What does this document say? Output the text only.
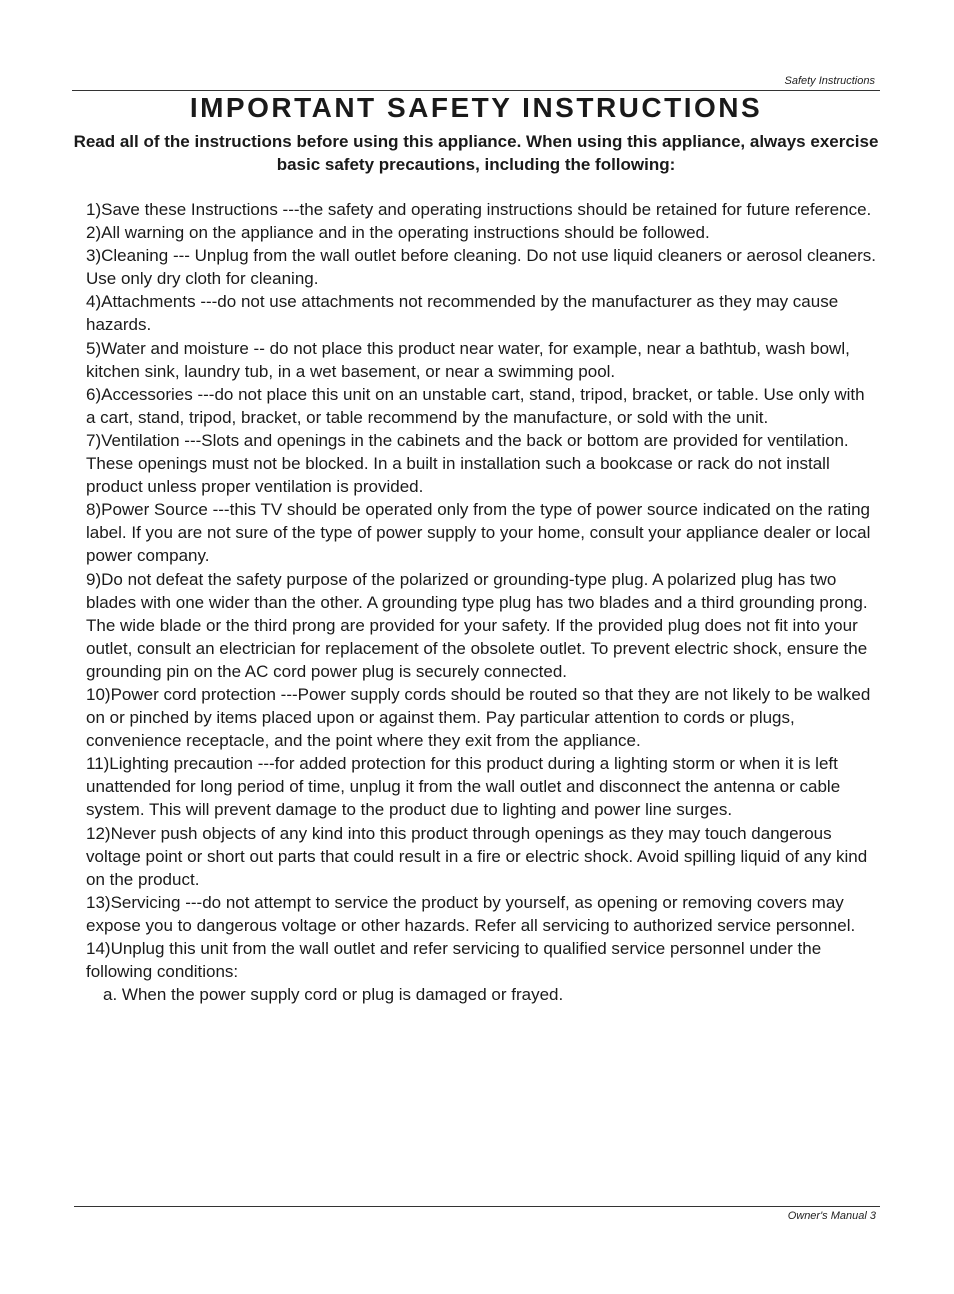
Safety Instructions
IMPORTANT SAFETY INSTRUCTIONS

Read all of the instructions before using this appliance. When using this appliance, always exercise basic safety precautions, including the following:

1)Save these Instructions ---the safety and operating instructions should be retained for future reference.
2)All warning on the appliance and in the operating instructions should be followed.
3)Cleaning --- Unplug from the wall outlet before cleaning. Do not use liquid cleaners or aerosol cleaners. Use only dry cloth for cleaning.
4)Attachments ---do not use attachments not recommended by the manufacturer as they may cause hazards.
5)Water and moisture -- do not place this product near water, for example, near a bathtub, wash bowl, kitchen sink, laundry tub, in a wet basement, or near a swimming pool.
6)Accessories ---do not place this unit on an unstable cart, stand, tripod, bracket, or table. Use only with a cart, stand, tripod, bracket, or table recommend by the manufacture, or sold with the unit.
7)Ventilation ---Slots and openings in the cabinets and the back or bottom are provided for ventilation. These openings must not be blocked. In a built in installation such a bookcase or rack do not install product unless proper ventilation is provided.
8)Power Source ---this TV should be operated only from the type of power source indicated on the rating label. If you are not sure of the type of power supply to your home, consult your appliance dealer or local power company.
9)Do not defeat the safety purpose of the polarized or grounding-type plug. A polarized plug has two blades with one wider than the other. A grounding type plug has two blades and a third grounding prong. The wide blade or the third prong are provided for your safety. If the provided plug does not fit into your outlet, consult an electrician for replacement of the obsolete outlet. To prevent electric shock, ensure the grounding pin on the AC cord power plug is securely connected.
10)Power cord protection ---Power supply cords should be routed so that they are not likely to be walked on or pinched by items placed upon or against them. Pay particular attention to cords or plugs, convenience receptacle, and the point where they exit from the appliance.
11)Lighting precaution ---for added protection for this product during a lighting storm or when it is left unattended for long period of time, unplug it from the wall outlet and disconnect the antenna or cable system. This will prevent damage to the product due to lighting and power line surges.
12)Never push objects of any kind into this product through openings as they may touch dangerous voltage point or short out parts that could result in a fire or electric shock. Avoid spilling liquid of any kind on the product.
13)Servicing ---do not attempt to service the product by yourself, as opening or removing covers may expose you to dangerous voltage or other hazards. Refer all servicing to authorized service personnel.
14)Unplug this unit from the wall outlet and refer servicing to qualified service personnel under the following conditions:
a. When the power supply cord or plug is damaged or frayed.
Owner's Manual 3
